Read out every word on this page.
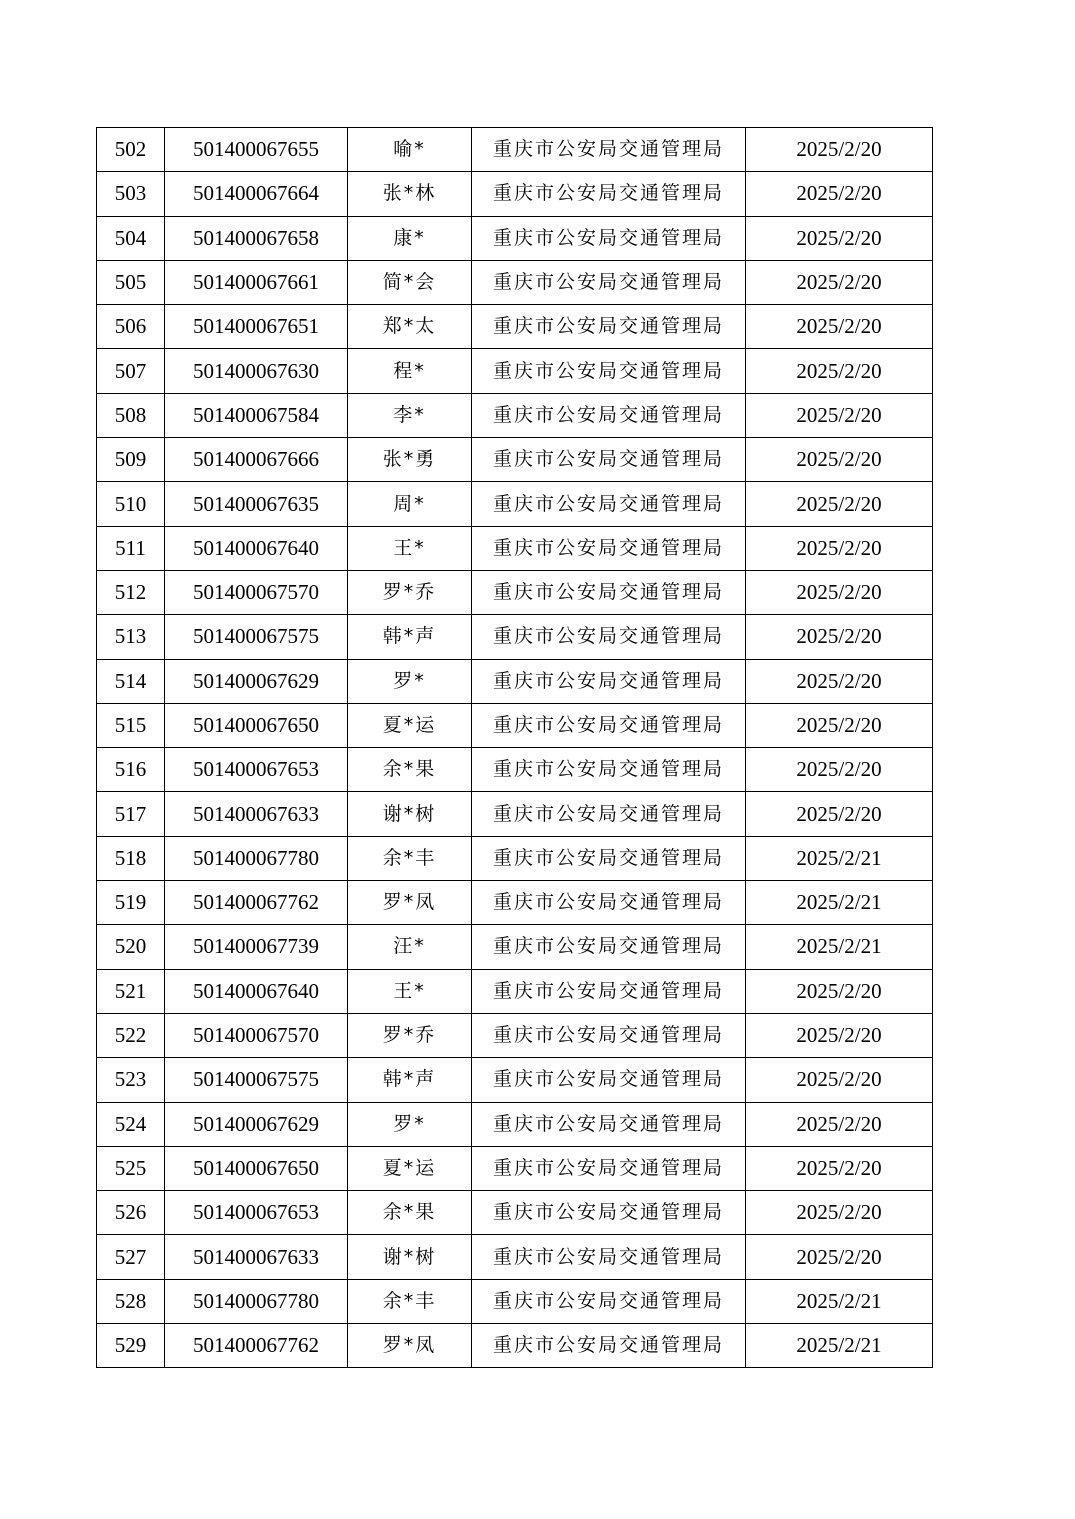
502	501400067655	喻*	重庆市公安局交通管理局	2025/2/20
503	501400067664	张*林	重庆市公安局交通管理局	2025/2/20
504	501400067658	康*	重庆市公安局交通管理局	2025/2/20
505	501400067661	简*会	重庆市公安局交通管理局	2025/2/20
506	501400067651	郑*太	重庆市公安局交通管理局	2025/2/20
507	501400067630	程*	重庆市公安局交通管理局	2025/2/20
508	501400067584	李*	重庆市公安局交通管理局	2025/2/20
509	501400067666	张*勇	重庆市公安局交通管理局	2025/2/20
510	501400067635	周*	重庆市公安局交通管理局	2025/2/20
511	501400067640	王*	重庆市公安局交通管理局	2025/2/20
512	501400067570	罗*乔	重庆市公安局交通管理局	2025/2/20
513	501400067575	韩*声	重庆市公安局交通管理局	2025/2/20
514	501400067629	罗*	重庆市公安局交通管理局	2025/2/20
515	501400067650	夏*运	重庆市公安局交通管理局	2025/2/20
516	501400067653	余*果	重庆市公安局交通管理局	2025/2/20
517	501400067633	谢*树	重庆市公安局交通管理局	2025/2/20
518	501400067780	余*丰	重庆市公安局交通管理局	2025/2/21
519	501400067762	罗*凤	重庆市公安局交通管理局	2025/2/21
520	501400067739	汪*	重庆市公安局交通管理局	2025/2/21
521	501400067640	王*	重庆市公安局交通管理局	2025/2/20
522	501400067570	罗*乔	重庆市公安局交通管理局	2025/2/20
523	501400067575	韩*声	重庆市公安局交通管理局	2025/2/20
524	501400067629	罗*	重庆市公安局交通管理局	2025/2/20
525	501400067650	夏*运	重庆市公安局交通管理局	2025/2/20
526	501400067653	余*果	重庆市公安局交通管理局	2025/2/20
527	501400067633	谢*树	重庆市公安局交通管理局	2025/2/20
528	501400067780	余*丰	重庆市公安局交通管理局	2025/2/21
529	501400067762	罗*凤	重庆市公安局交通管理局	2025/2/21
